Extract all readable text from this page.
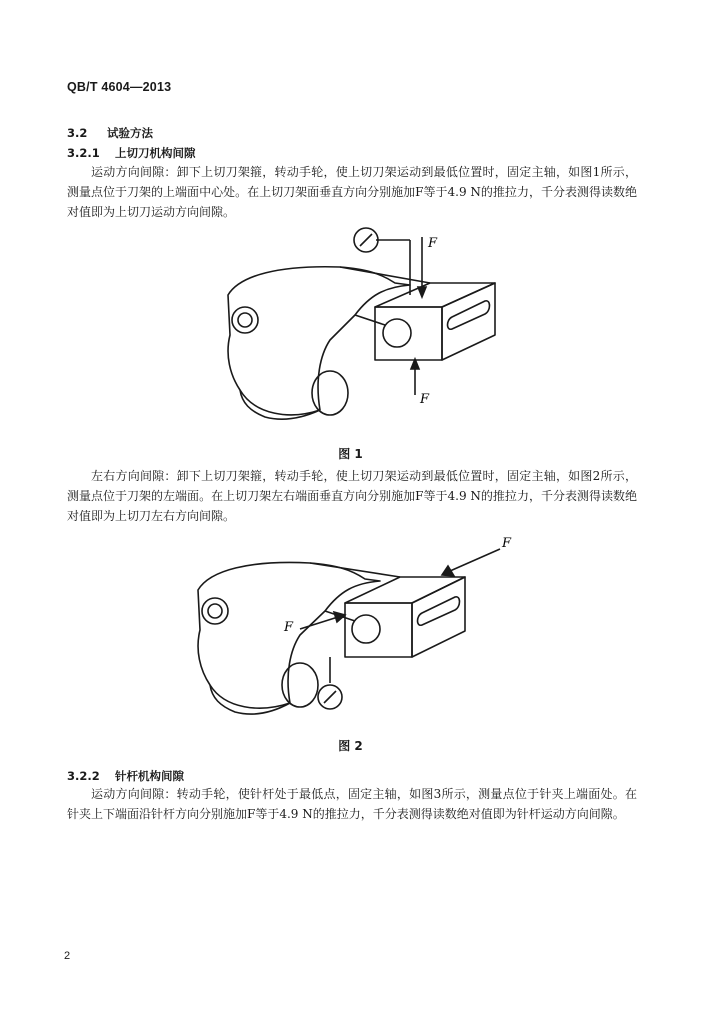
QB/T 4604—2013
3.2 试验方法
3.2.1 上切刀机构间隙
运动方向间隙：卸下上切刀架箍，转动手轮，使上切刀架运动到最低位置时，固定主轴，如图1所示，测量点位于刀架的上端面中心处。在上切刀架面垂直方向分别施加F等于4.9 N的推拉力，千分表测得读数绝对值即为上切刀运动方向间隙。
F
F
图 1
左右方向间隙：卸下上切刀架箍，转动手轮，使上切刀架运动到最低位置时，固定主轴，如图2所示，测量点位于刀架的左端面。在上切刀架左右端面垂直方向分别施加F等于4.9 N的推拉力，千分表测得读数绝对值即为上切刀左右方向间隙。
F
F
图 2
3.2.2 针杆机构间隙
运动方向间隙：转动手轮，使针杆处于最低点，固定主轴，如图3所示，测量点位于针夹上端面处。在针夹上下端面沿针杆方向分别施加F等于4.9 N的推拉力，千分表测得读数绝对值即为针杆运动方向间隙。
2
